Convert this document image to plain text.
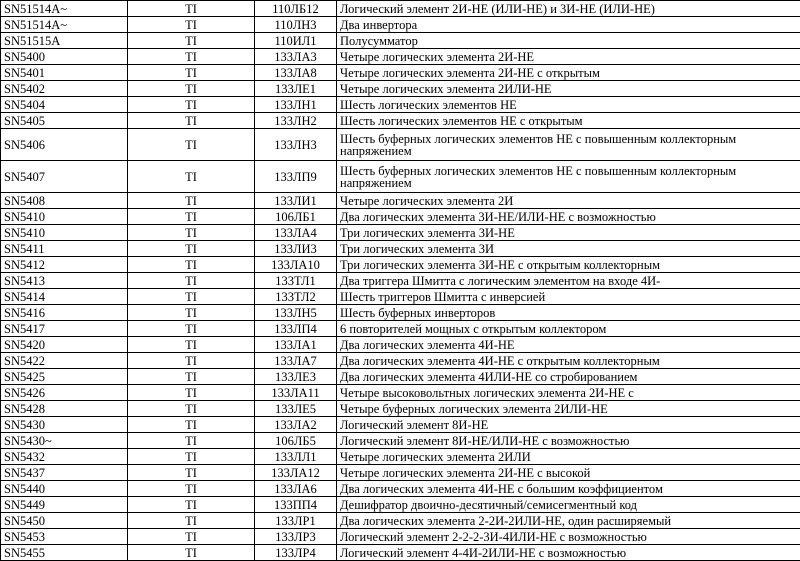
SN51514A~	TI	110ЛБ12	Логический элемент 2И-НЕ (ИЛИ-НЕ) и 3И-НЕ (ИЛИ-НЕ)
SN51514A~	TI	110ЛН3	Два инвертора
SN51515A	TI	110ИЛ1	Полусумматор
SN5400	TI	133ЛА3	Четыре логических элемента 2И-НЕ
SN5401	TI	133ЛА8	Четыре логических элемента 2И-НЕ с открытым
SN5402	TI	133ЛЕ1	Четыре логических элемента 2ИЛИ-НЕ
SN5404	TI	133ЛН1	Шесть логических элементов НЕ
SN5405	TI	133ЛН2	Шесть логических элементов НЕ с открытым
SN5406	TI	133ЛН3	Шесть буферных логических элементов НЕ с повышенным коллекторным напряжением
SN5407	TI	133ЛП9	Шесть буферных логических элементов НЕ с повышенным коллекторным напряжением
SN5408	TI	133ЛИ1	Четыре логических элемента 2И
SN5410	TI	106ЛБ1	Два логических элемента 3И-НЕ/ИЛИ-НЕ с возможностью
SN5410	TI	133ЛА4	Три логических элемента 3И-НЕ
SN5411	TI	133ЛИ3	Три логических элемента 3И
SN5412	TI	133ЛА10	Три логических элемента 3И-НЕ с открытым коллекторным
SN5413	TI	133ТЛ1	Два триггера Шмитта с логическим элементом на входе 4И-
SN5414	TI	133ТЛ2	Шесть триггеров Шмитта с инверсией
SN5416	TI	133ЛН5	Шесть буферных инверторов
SN5417	TI	133ЛП4	6 повторителей мощных с открытым коллектором
SN5420	TI	133ЛА1	Два логических элемента 4И-НЕ
SN5422	TI	133ЛА7	Два логических элемента 4И-НЕ с открытым коллекторным
SN5425	TI	133ЛЕ3	Два логических элемента 4ИЛИ-НЕ со стробированием
SN5426	TI	133ЛА11	Четыре высоковольтных логических элемента 2И-НЕ с
SN5428	TI	133ЛЕ5	Четыре буферных логических элемента 2ИЛИ-НЕ
SN5430	TI	133ЛА2	Логический элемент 8И-НЕ
SN5430~	TI	106ЛБ5	Логический элемент 8И-НЕ/ИЛИ-НЕ с возможностью
SN5432	TI	133ЛЛ1	Четыре логических элемента 2ИЛИ
SN5437	TI	133ЛА12	Четыре логических элемента 2И-НЕ с высокой
SN5440	TI	133ЛА6	Два логических элемента 4И-НЕ с большим коэффициентом
SN5449	TI	133ПП4	Дешифратор двоично-десятичный/семисегментный код
SN5450	TI	133ЛР1	Два логических элемента 2-2И-2ИЛИ-НЕ, один расширяемый
SN5453	TI	133ЛР3	Логический элемент 2-2-2-3И-4ИЛИ-НЕ с возможностью
SN5455	TI	133ЛР4	Логический элемент 4-4И-2ИЛИ-НЕ с возможностью
